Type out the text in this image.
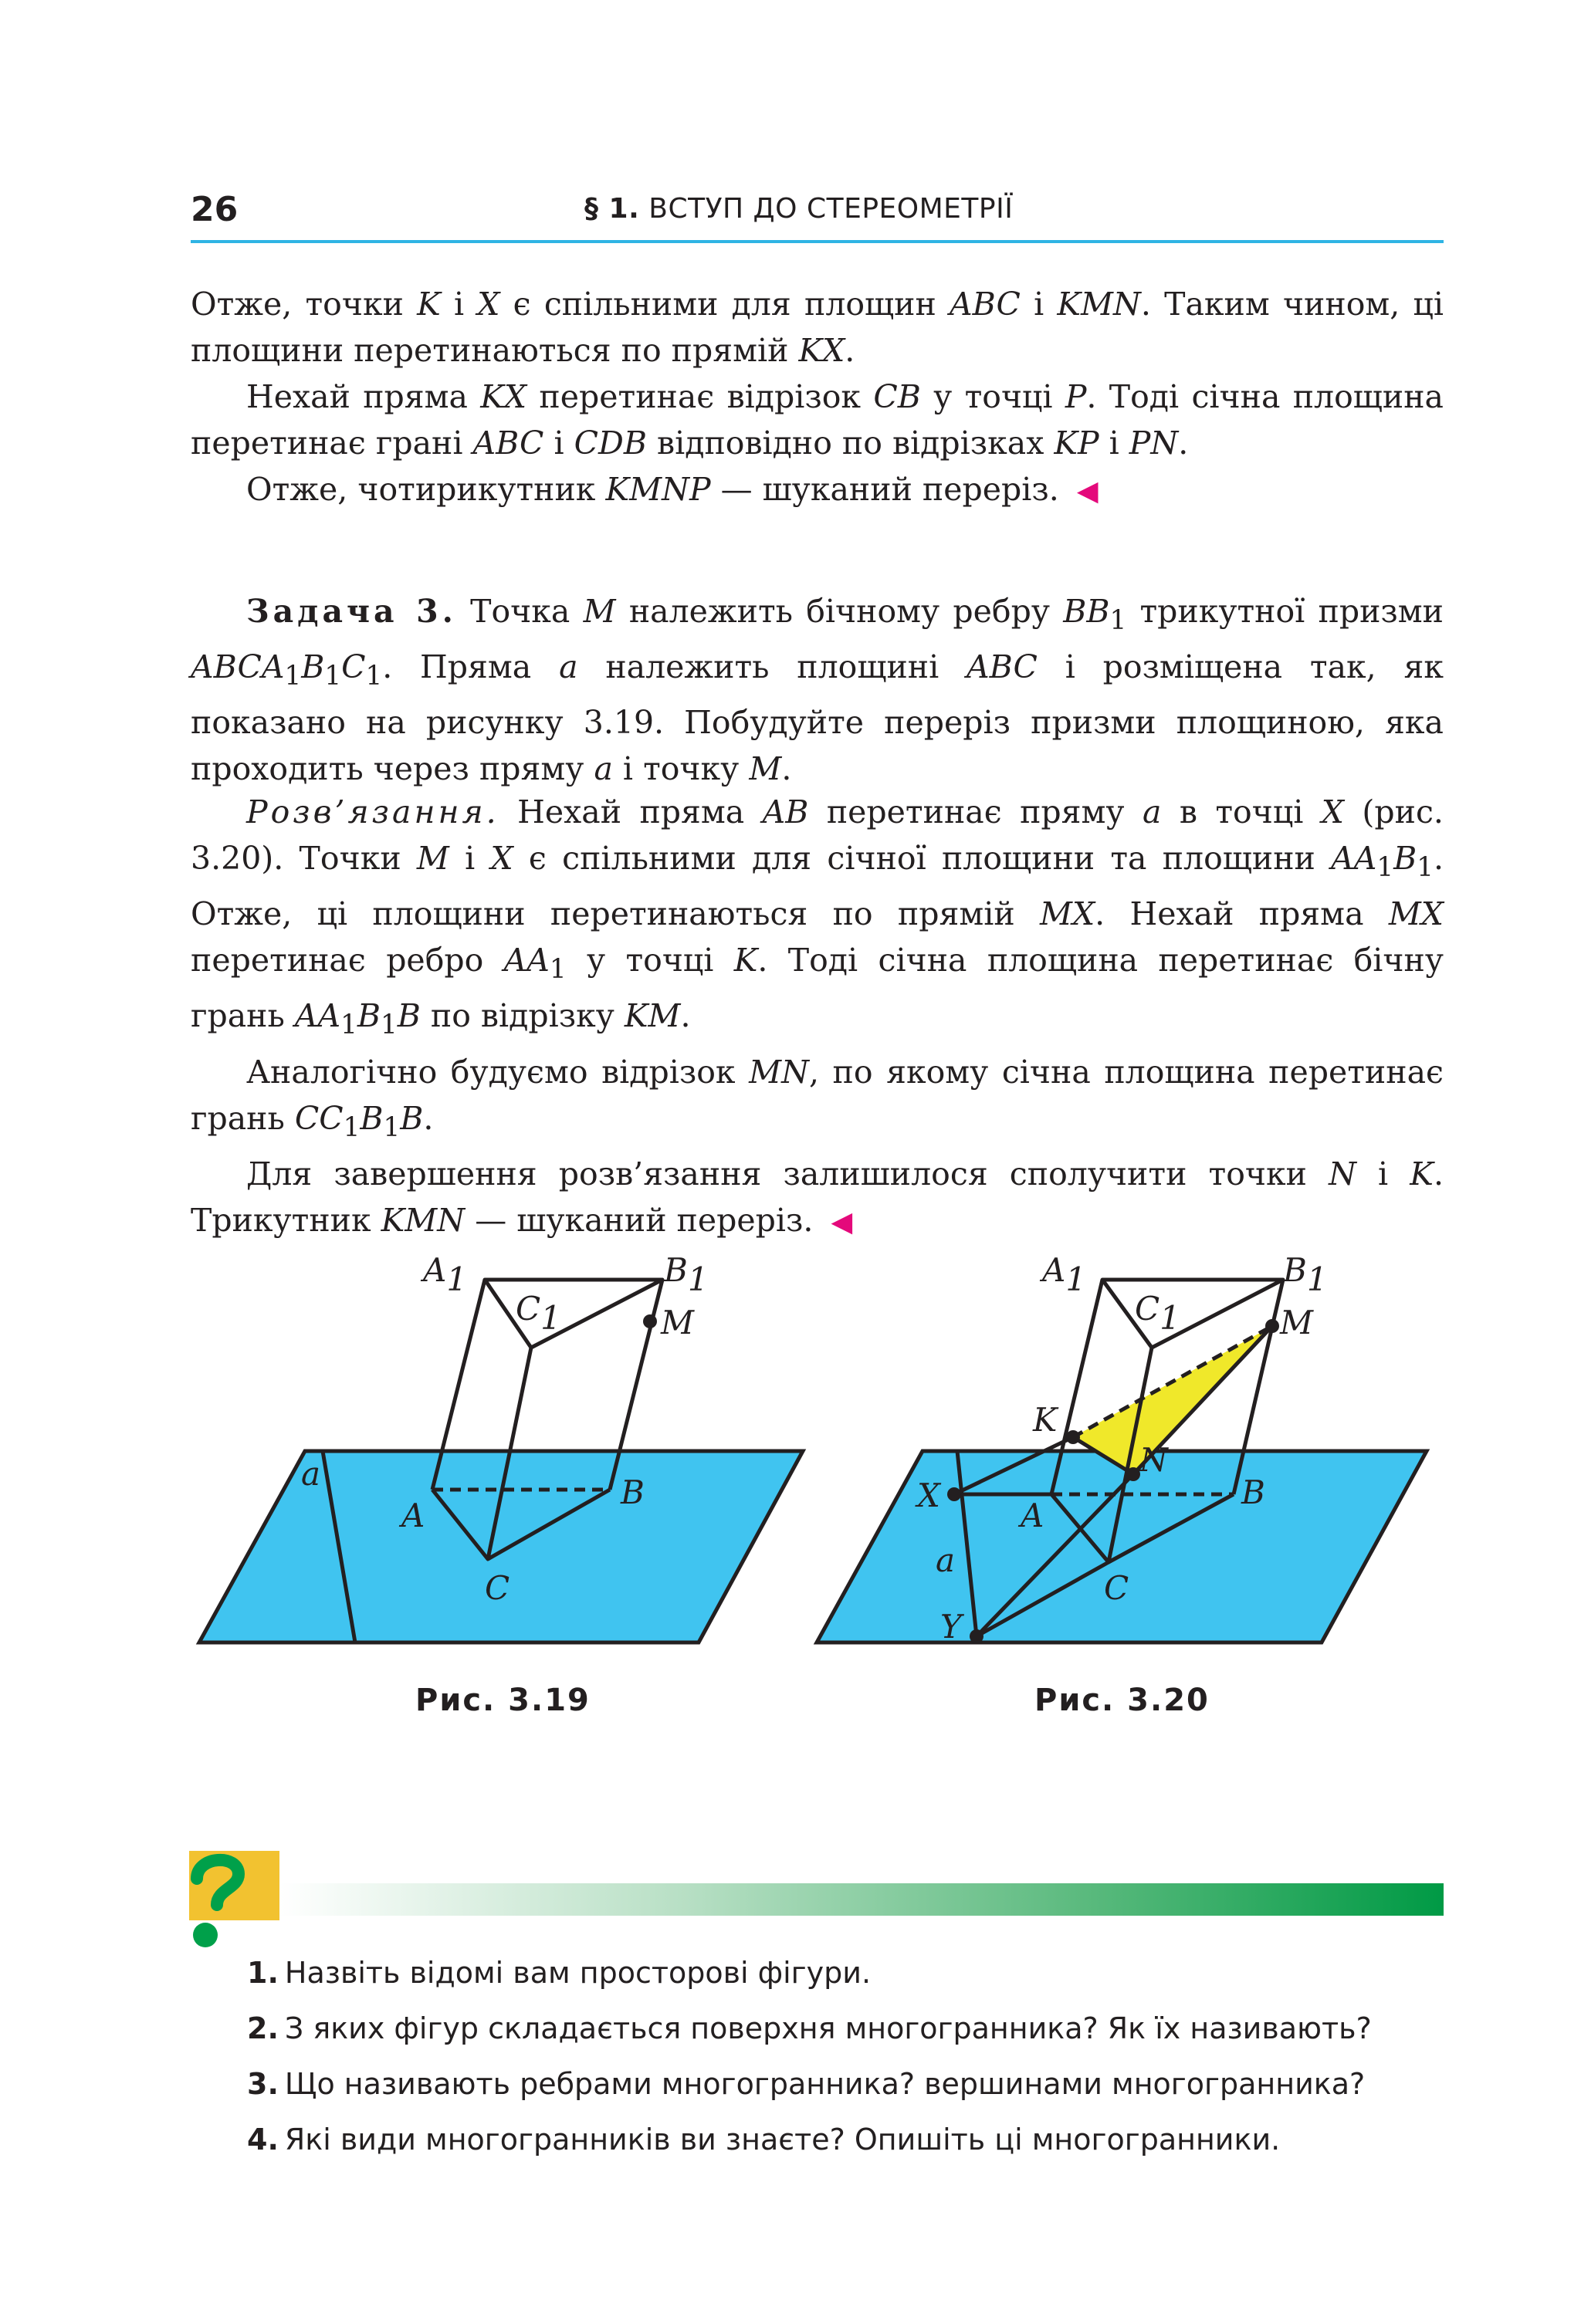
26	§ 1. ВСТУП ДО СТЕРЕОМЕТРІЇ

Отже, точки K і X є спільними для площин ABC і KMN. Таким чином, ці площини перетинаються по прямій KX.

Нехай пряма KX перетинає відрізок CB у точці P. Тоді січна площина перетинає грані ABC і CDB відповідно по відрізках KP і PN.

Отже, чотирикутник KMNP — шуканий переріз. ◀

Задача 3. Точка M належить бічному ребру $BB_1$ трикутної призми $ABCA_1B_1C_1$. Пряма a належить площині ABC і розміщена так, як показано на рисунку 3.19. Побудуйте переріз призми площиною, яка проходить через пряму a і точку M.

Розв’язання. Нехай пряма AB перетинає пряму a в точці X (рис. 3.20). Точки M і X є спільними для січної площини та площини $AA_1B_1$. Отже, ці площини перетинаються по прямій MX. Нехай пряма MX перетинає ребро $AA_1$ у точці K. Тоді січна площина перетинає бічну грань $AA_1B_1B$ по відрізку KM.

Аналогічно будуємо відрізок MN, по якому січна площина перетинає грань $CC_1B_1B$.

Для завершення розв’язання залишилося сполучити точки N і K. Трикутник KMN — шуканий переріз. ◀

A1	B1
C1	M
A
B
C
a
Рис. 3.19
A1	B1
C1	M
K
N
X
A
B
C
a
Y
Рис. 3.20
1. Назвіть відомі вам просторові фігури.
2. З яких фігур складається поверхня многогранника? Як їх називають?
3. Що називають ребрами многогранника? вершинами многогранника?
4. Які види многогранників ви знаєте? Опишіть ці многогранники.
